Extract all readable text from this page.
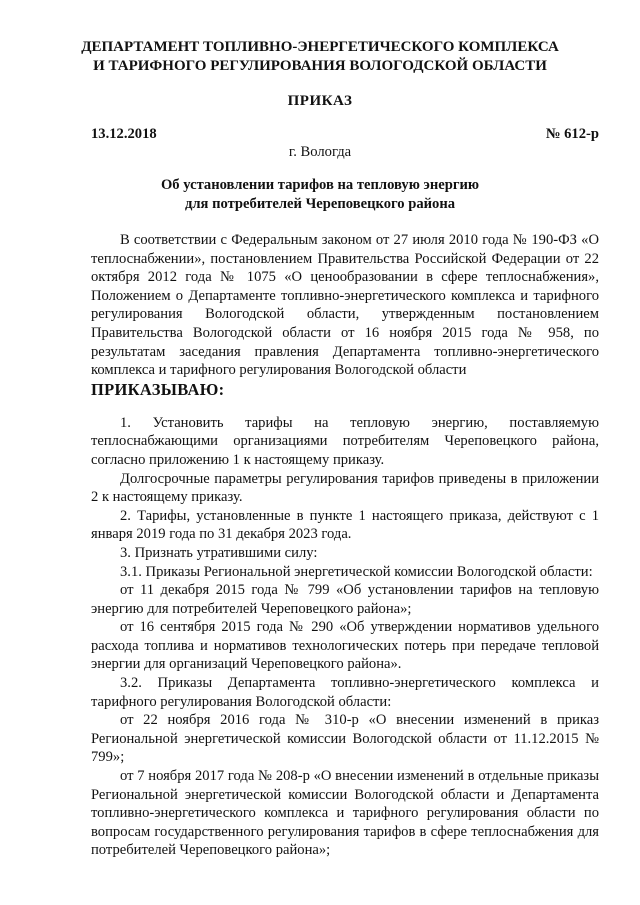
ДЕПАРТАМЕНТ ТОПЛИВНО-ЭНЕРГЕТИЧЕСКОГО КОМПЛЕКСА
И ТАРИФНОГО РЕГУЛИРОВАНИЯ ВОЛОГОДСКОЙ ОБЛАСТИ
ПРИКАЗ
13.12.2018	№ 612-р
г. Вологда
Об установлении тарифов на тепловую энергию
для потребителей Череповецкого района

В соответствии с Федеральным законом от 27 июля 2010 года № 190-ФЗ «О теплоснабжении», постановлением Правительства Российской Федерации от 22 октября 2012 года № 1075 «О ценообразовании в сфере теплоснабжения», Положением о Департаменте топливно-энергетического комплекса и тарифного регулирования Вологодской области, утвержденным постановлением Правительства Вологодской области от 16 ноября 2015 года № 958, по результатам заседания правления Департамента топливно-энергетического комплекса и тарифного регулирования Вологодской области

ПРИКАЗЫВАЮ:

1. Установить тарифы на тепловую энергию, поставляемую теплоснабжающими организациями потребителям Череповецкого района, согласно приложению 1 к настоящему приказу.

Долгосрочные параметры регулирования тарифов приведены в приложении 2 к настоящему приказу.

2. Тарифы, установленные в пункте 1 настоящего приказа, действуют с 1 января 2019 года по 31 декабря 2023 года.

3. Признать утратившими силу:

3.1. Приказы Региональной энергетической комиссии Вологодской области:

от 11 декабря 2015 года № 799 «Об установлении тарифов на тепловую энергию для потребителей Череповецкого района»;

от 16 сентября 2015 года № 290 «Об утверждении нормативов удельного расхода топлива и нормативов технологических потерь при передаче тепловой энергии для организаций Череповецкого района».

3.2. Приказы Департамента топливно-энергетического комплекса и тарифного регулирования Вологодской области:

от 22 ноября 2016 года № 310-р «О внесении изменений в приказ Региональной энергетической комиссии Вологодской области от 11.12.2015 № 799»;

от 7 ноября 2017 года № 208-р «О внесении изменений в отдельные приказы Региональной энергетической комиссии Вологодской области и Департамента топливно-энергетического комплекса и тарифного регулирования области по вопросам государственного регулирования тарифов в сфере теплоснабжения для потребителей Череповецкого района»;
